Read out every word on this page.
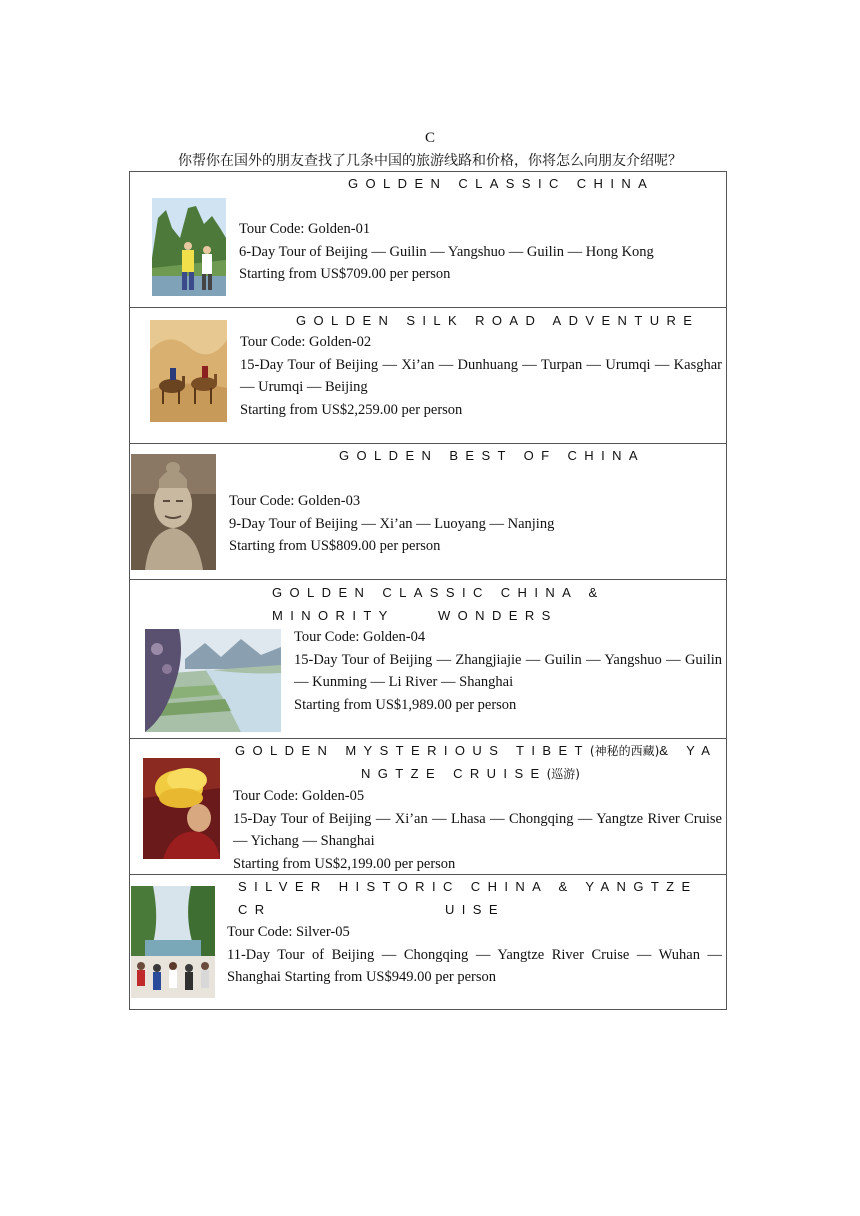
C
你帮你在国外的朋友查找了几条中国的旅游线路和价格，你将怎么向朋友介绍呢？
GOLDEN CLASSIC CHINA
Tour Code: Golden-01
6-Day Tour of Beijing — Guilin — Yangshuo — Guilin — Hong Kong
Starting from US$709.00 per person

GOLDEN SILK ROAD ADVENTURE
Tour Code: Golden-02
15-Day Tour of Beijing — Xi’an — Dunhuang — Turpan — Urumqi — Kasghar — Urumqi — Beijing
Starting from US$2,259.00 per person

GOLDEN BEST OF CHINA
Tour Code: Golden-03
9-Day Tour of Beijing — Xi’an — Luoyang — Nanjing
Starting from US$809.00 per person

GOLDEN CLASSIC CHINA & MINORITY	WONDERS
Tour Code: Golden-04
15-Day Tour of Beijing — Zhangjiajie — Guilin — Yangshuo — Guilin — Kunming — Li River — Shanghai
Starting from US$1,989.00 per person

GOLDEN MYSTERIOUS TIBET(神秘的西藏)& YA
NGTZE CRUISE(巡游)
Tour Code: Golden-05
15-Day Tour of Beijing — Xi’an — Lhasa — Chongqing — Yangtze River Cruise — Yichang — Shanghai
Starting from US$2,199.00 per person

SILVER HISTORIC CHINA & YANGTZE CR	UISE
Tour Code: Silver-05
11-Day Tour of Beijing — Chongqing — Yangtze River Cruise — Wuhan — Shanghai Starting from US$949.00 per person
